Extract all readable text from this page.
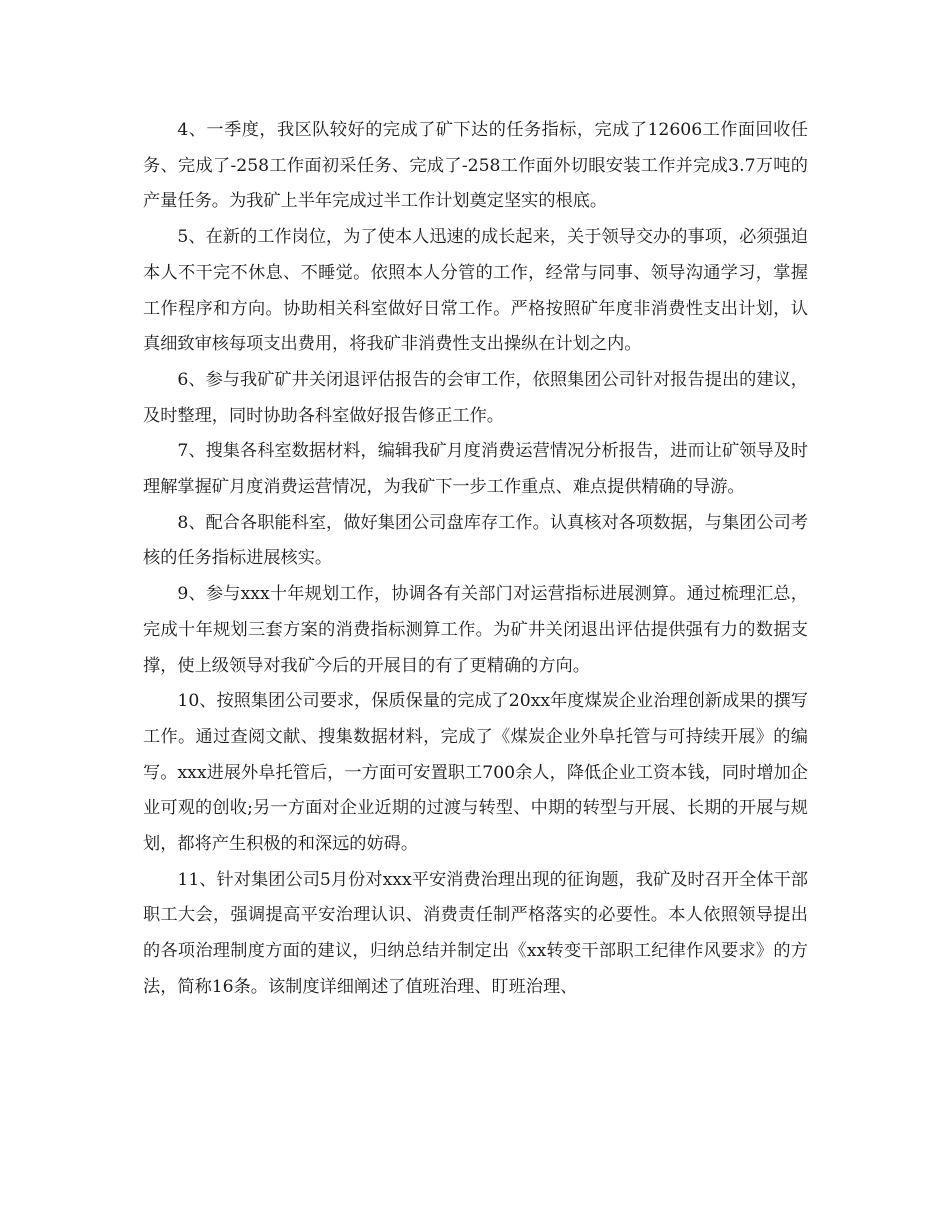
4、一季度，我区队较好的完成了矿下达的任务指标，完成了12606工作面回收任务、完成了-258工作面初采任务、完成了-258工作面外切眼安装工作并完成3.7万吨的产量任务。为我矿上半年完成过半工作计划奠定坚实的根底。

5、在新的工作岗位，为了使本人迅速的成长起来，关于领导交办的事项，必须强迫本人不干完不休息、不睡觉。依照本人分管的工作，经常与同事、领导沟通学习，掌握工作程序和方向。协助相关科室做好日常工作。严格按照矿年度非消费性支出计划，认真细致审核每项支出费用，将我矿非消费性支出操纵在计划之内。

6、参与我矿矿井关闭退评估报告的会审工作，依照集团公司针对报告提出的建议，及时整理，同时协助各科室做好报告修正工作。

7、搜集各科室数据材料，编辑我矿月度消费运营情况分析报告，进而让矿领导及时理解掌握矿月度消费运营情况，为我矿下一步工作重点、难点提供精确的导游。

8、配合各职能科室，做好集团公司盘库存工作。认真核对各项数据，与集团公司考核的任务指标进展核实。

9、参与xxx十年规划工作，协调各有关部门对运营指标进展测算。通过梳理汇总，完成十年规划三套方案的消费指标测算工作。为矿井关闭退出评估提供强有力的数据支撑，使上级领导对我矿今后的开展目的有了更精确的方向。

10、按照集团公司要求，保质保量的完成了20xx年度煤炭企业治理创新成果的撰写工作。通过查阅文献、搜集数据材料，完成了《煤炭企业外阜托管与可持续开展》的编写。xxx进展外阜托管后，一方面可安置职工700余人，降低企业工资本钱，同时增加企业可观的创收;另一方面对企业近期的过渡与转型、中期的转型与开展、长期的开展与规划，都将产生积极的和深远的妨碍。

11、针对集团公司5月份对xxx平安消费治理出现的征询题，我矿及时召开全体干部职工大会，强调提高平安治理认识、消费责任制严格落实的必要性。本人依照领导提出的各项治理制度方面的建议，归纳总结并制定出《xx转变干部职工纪律作风要求》的方法，简称16条。该制度详细阐述了值班治理、盯班治理、
